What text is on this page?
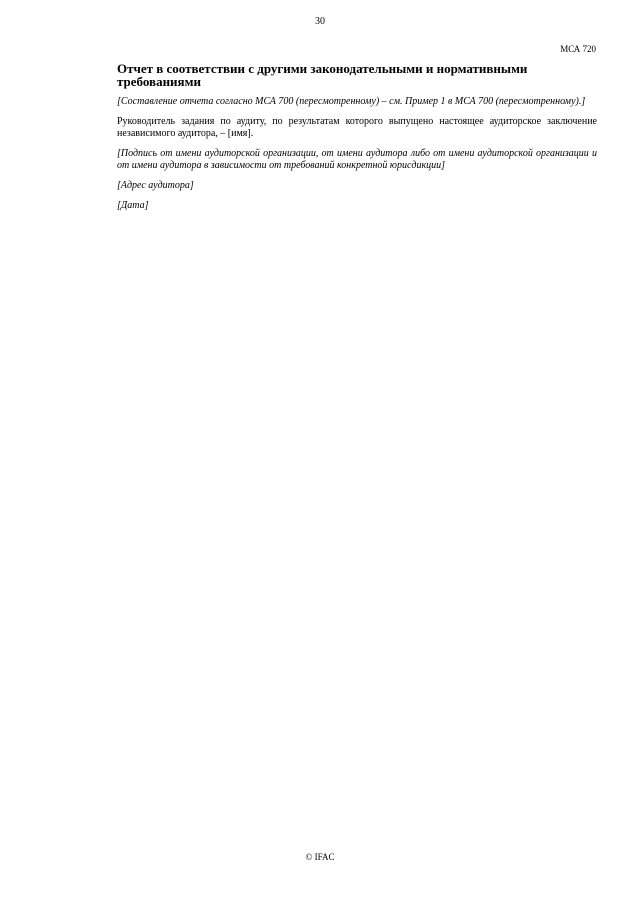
30
МСА 720
Отчет в соответствии с другими законодательными и нормативными требованиями
[Составление отчета согласно МСА 700 (пересмотренному) – см. Пример 1 в МСА 700 (пересмотренному).]
Руководитель задания по аудиту, по результатам которого выпущено настоящее аудиторское заключение независимого аудитора, – [имя].
[Подпись от имени аудиторской организации, от имени аудитора либо от имени аудиторской организации и от имени аудитора в зависимости от требований конкретной юрисдикции]
[Адрес аудитора]
[Дата]
© IFAC
